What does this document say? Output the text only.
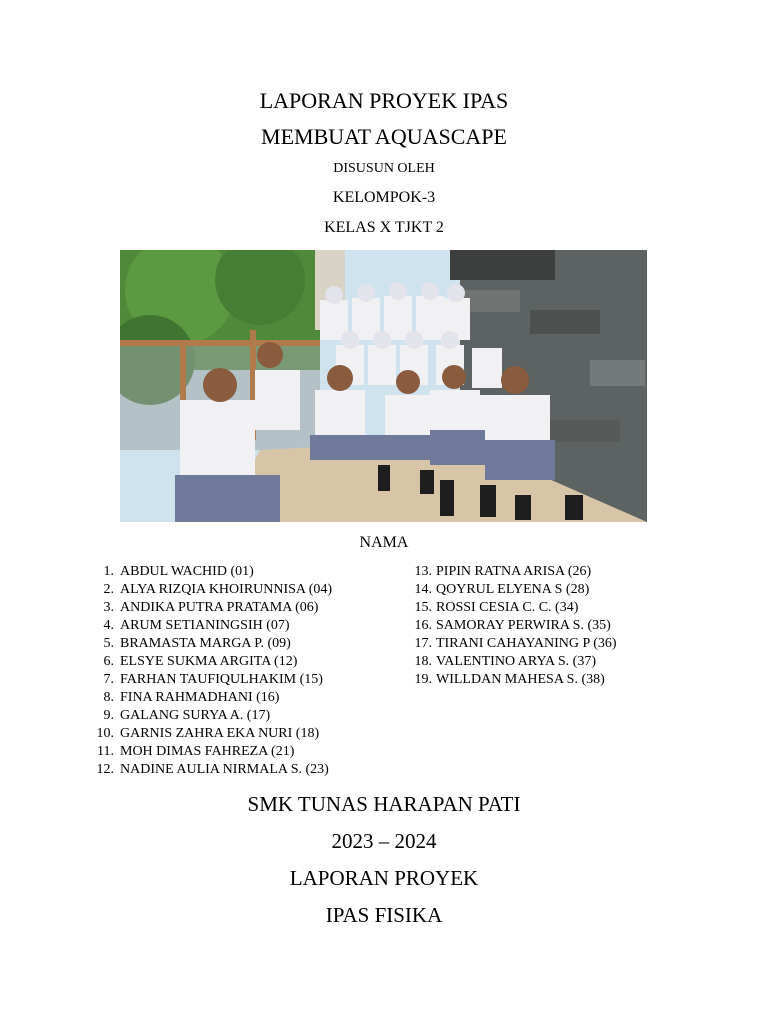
LAPORAN PROYEK IPAS
MEMBUAT AQUASCAPE
DISUSUN OLEH
KELOMPOK-3
KELAS X TJKT 2
NAMA
1. ABDUL WACHID (01)
2. ALYA RIZQIA KHOIRUNNISA (04)
3. ANDIKA PUTRA PRATAMA (06)
4. ARUM SETIANINGSIH (07)
5. BRAMASTA MARGA P. (09)
6. ELSYE SUKMA ARGITA (12)
7. FARHAN TAUFIQULHAKIM (15)
8. FINA RAHMADHANI (16)
9. GALANG SURYA A. (17)
10. GARNIS ZAHRA EKA NURI (18)
11. MOH DIMAS FAHREZA (21)
12. NADINE AULIA NIRMALA S. (23)
13. PIPIN RATNA ARISA (26)
14. QOYRUL ELYENA S (28)
15. ROSSI CESIA C. C. (34)
16. SAMORAY PERWIRA S. (35)
17. TIRANI CAHAYANING P (36)
18. VALENTINO ARYA S. (37)
19. WILLDAN MAHESA S. (38)
SMK TUNAS HARAPAN PATI
2023 – 2024
LAPORAN PROYEK
IPAS FISIKA
